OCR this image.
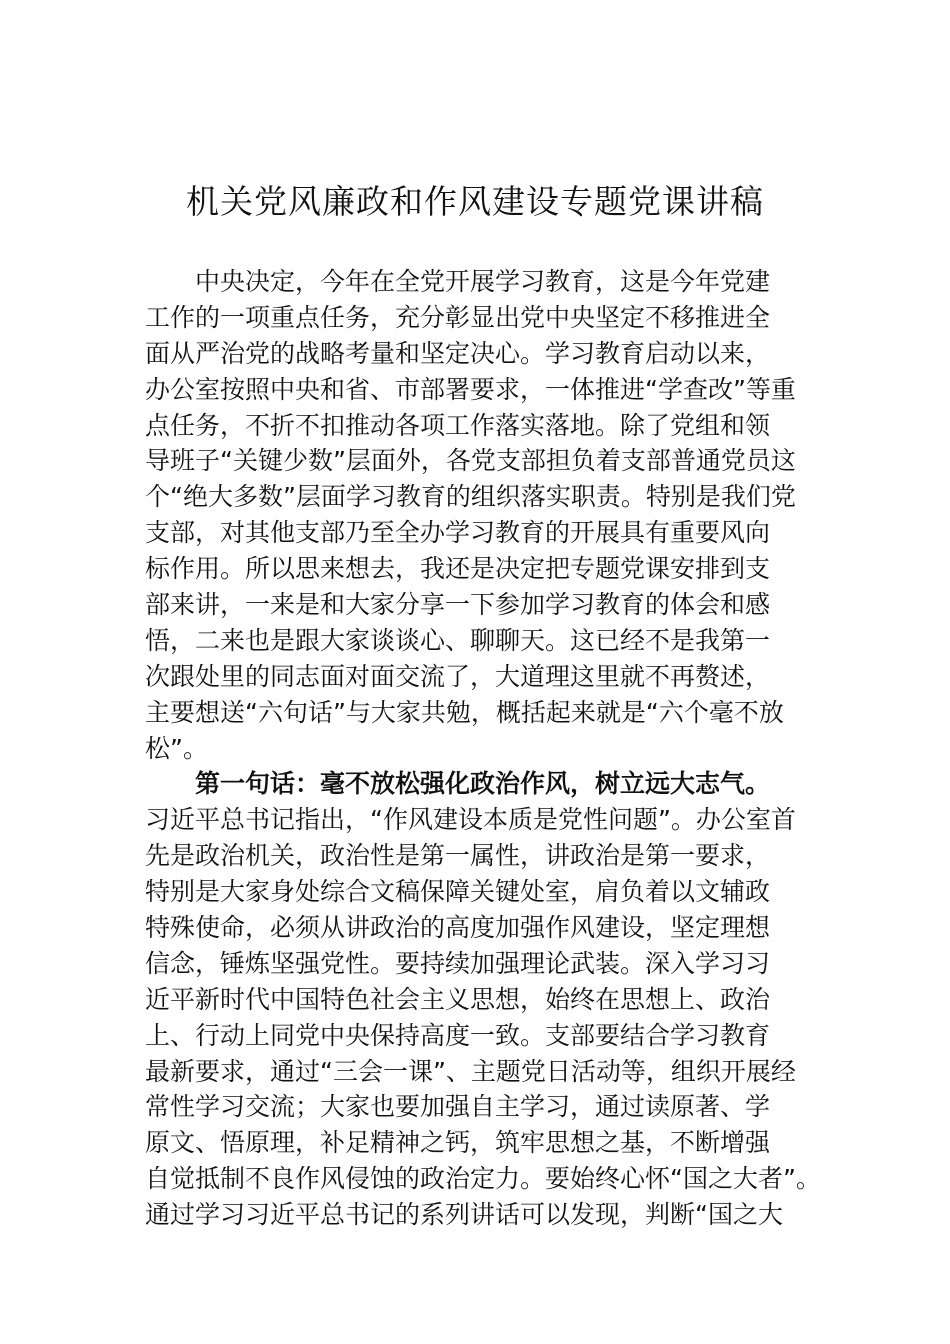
机关党风廉政和作风建设专题党课讲稿
中央决定，今年在全党开展学习教育，这是今年党建
工作的一项重点任务，充分彰显出党中央坚定不移推进全
面从严治党的战略考量和坚定决心。学习教育启动以来，
办公室按照中央和省、市部署要求，一体推进“学查改”等重
点任务，不折不扣推动各项工作落实落地。除了党组和领
导班子“关键少数”层面外，各党支部担负着支部普通党员这
个“绝大多数”层面学习教育的组织落实职责。特别是我们党
支部，对其他支部乃至全办学习教育的开展具有重要风向
标作用。所以思来想去，我还是决定把专题党课安排到支
部来讲，一来是和大家分享一下参加学习教育的体会和感
悟，二来也是跟大家谈谈心、聊聊天。这已经不是我第一
次跟处里的同志面对面交流了，大道理这里就不再赘述，
主要想送“六句话”与大家共勉，概括起来就是“六个毫不放
松”。
第一句话：毫不放松强化政治作风，树立远大志气。
习近平总书记指出，“作风建设本质是党性问题”。办公室首
先是政治机关，政治性是第一属性，讲政治是第一要求，
特别是大家身处综合文稿保障关键处室，肩负着以文辅政
特殊使命，必须从讲政治的高度加强作风建设，坚定理想
信念，锤炼坚强党性。要持续加强理论武装。深入学习习
近平新时代中国特色社会主义思想，始终在思想上、政治
上、行动上同党中央保持高度一致。支部要结合学习教育
最新要求，通过“三会一课”、主题党日活动等，组织开展经
常性学习交流；大家也要加强自主学习，通过读原著、学
原文、悟原理，补足精神之钙，筑牢思想之基，不断增强
自觉抵制不良作风侵蚀的政治定力。要始终心怀“国之大者”。
通过学习习近平总书记的系列讲话可以发现，判断“国之大
